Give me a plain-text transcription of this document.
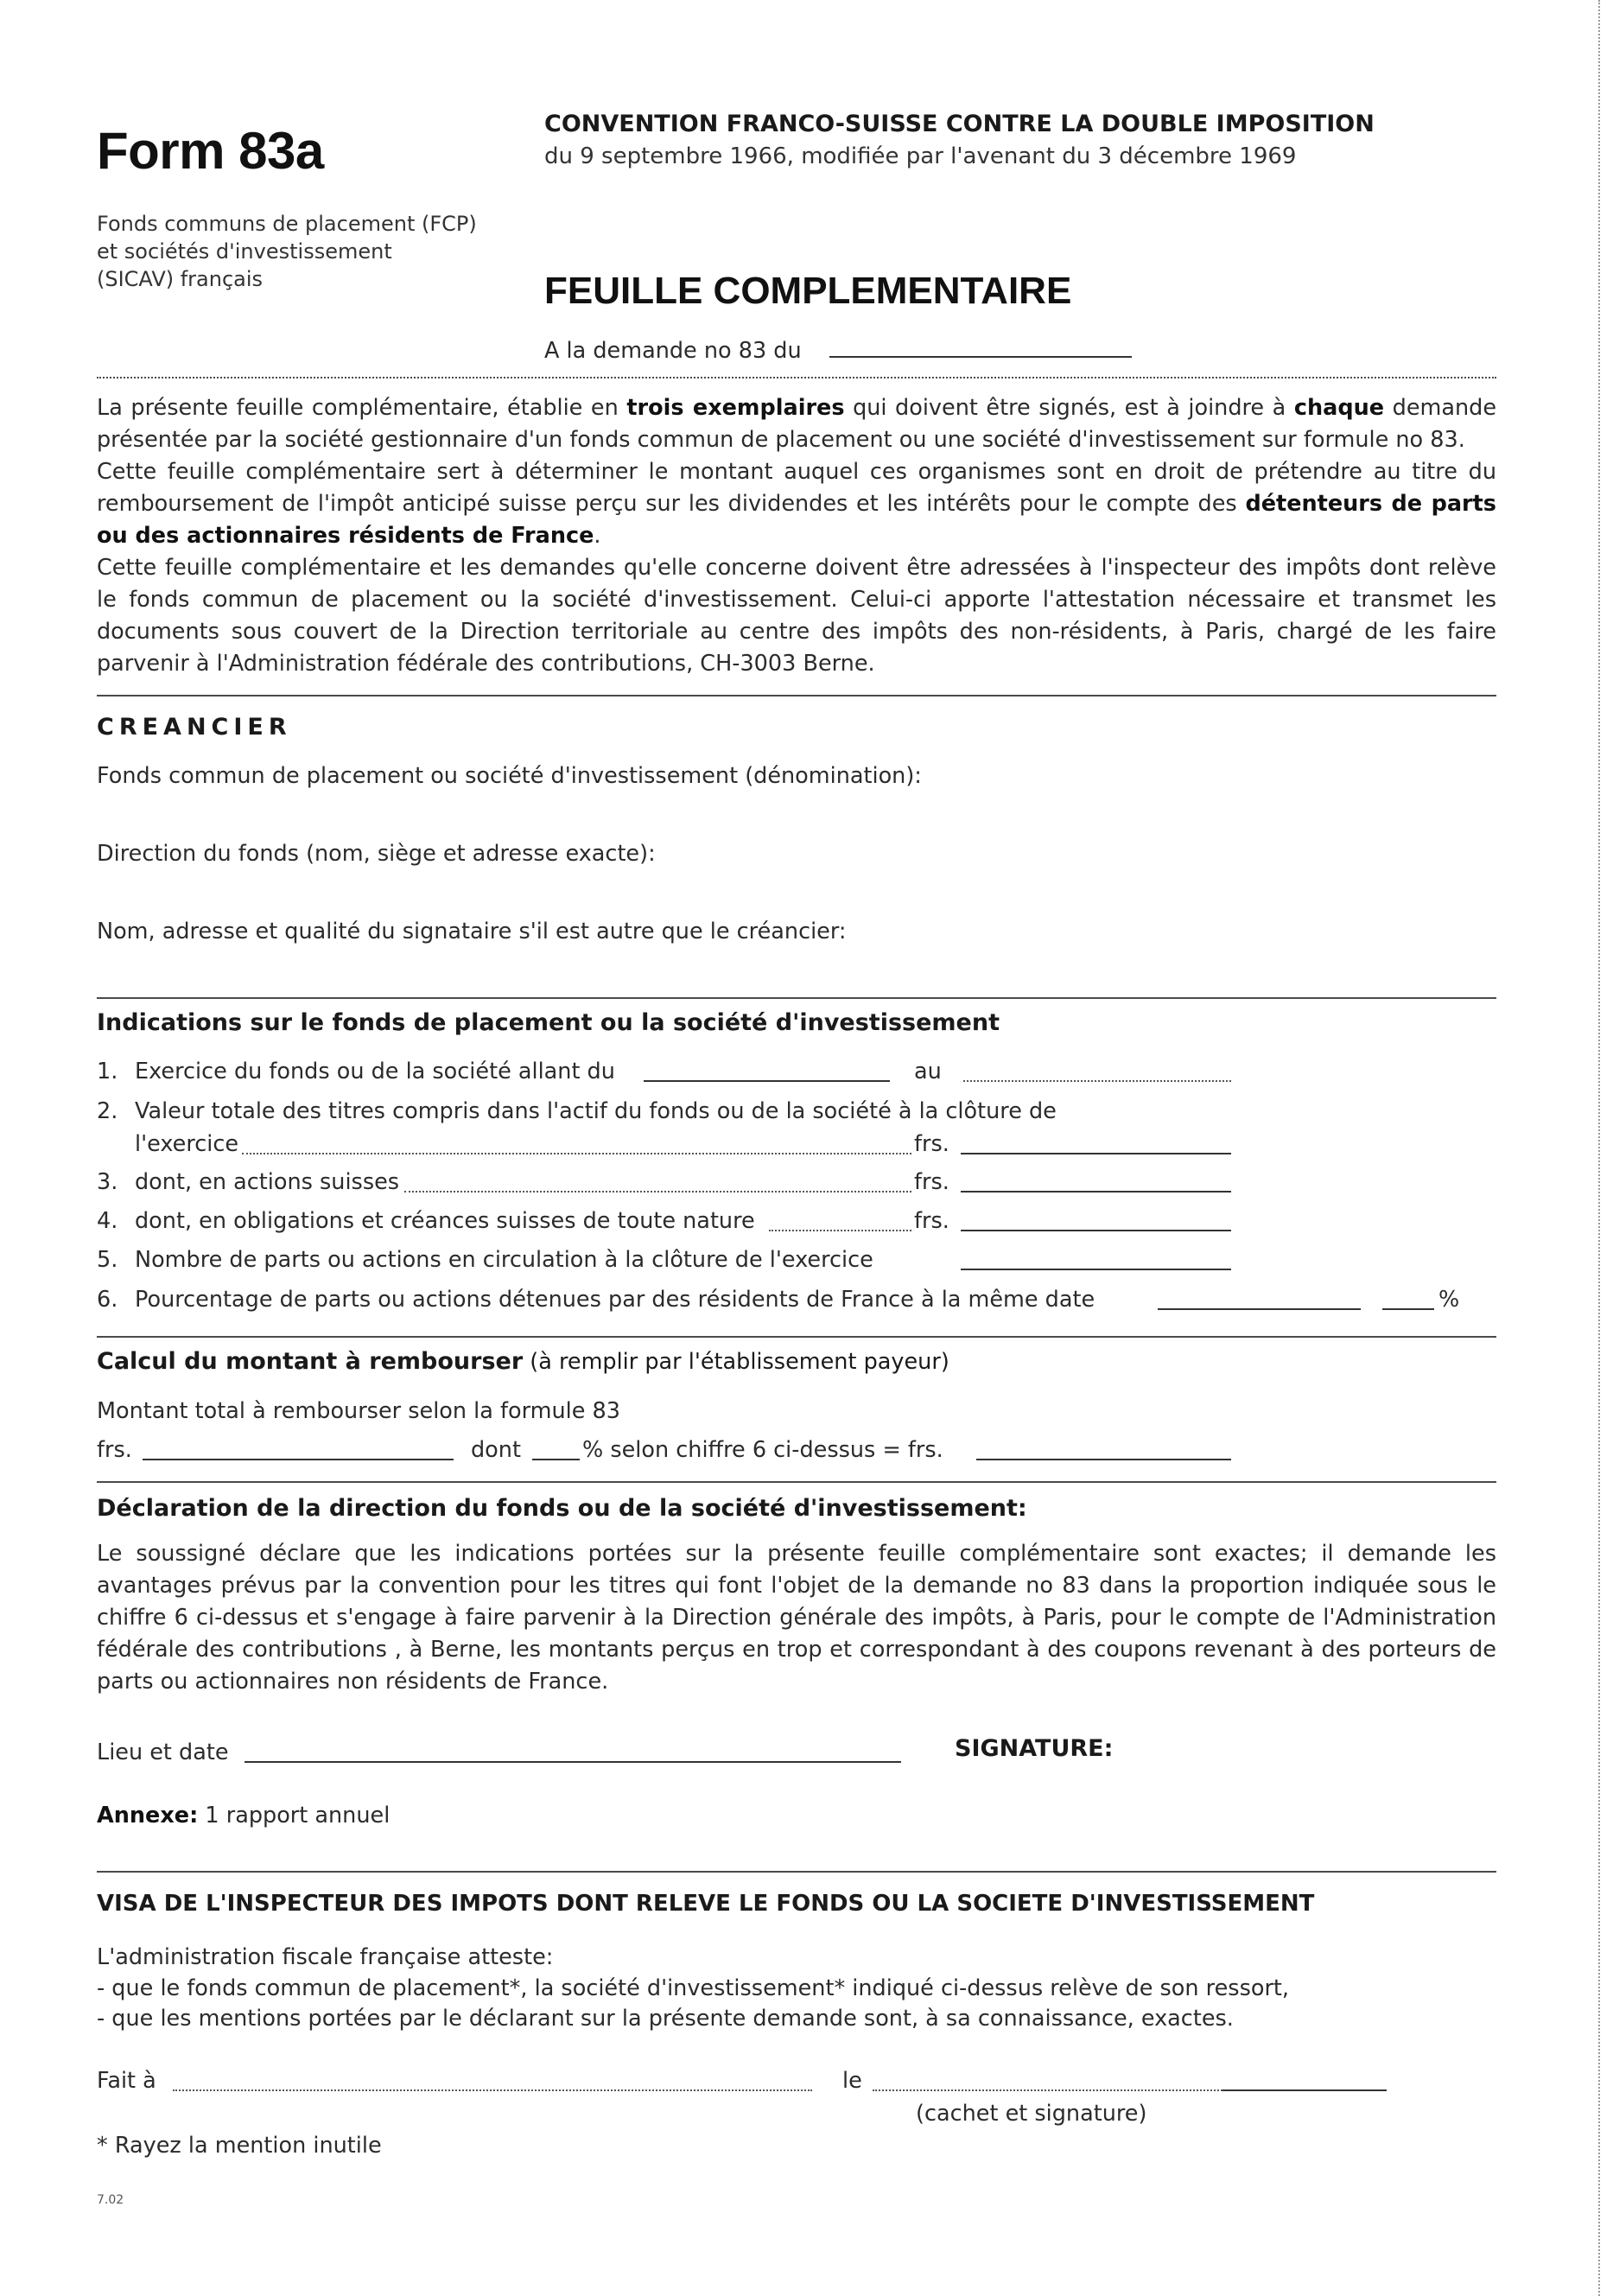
Form 83a
Fonds communs de placement (FCP)
et sociétés d'investissement
(SICAV) français
CONVENTION FRANCO-SUISSE CONTRE LA DOUBLE IMPOSITION
du 9 septembre 1966, modifiée par l'avenant du 3 décembre 1969
FEUILLE COMPLEMENTAIRE
A la demande no 83 du
La présente feuille complémentaire, établie en trois exemplaires qui doivent être signés, est à joindre à chaque demande présentée par la société gestionnaire d'un fonds commun de placement ou une société d'investissement sur formule no 83.
Cette feuille complémentaire sert à déterminer le montant auquel ces organismes sont en droit de prétendre au titre du remboursement de l'impôt anticipé suisse perçu sur les dividendes et les intérêts pour le compte des détenteurs de parts ou des actionnaires résidents de France.
Cette feuille complémentaire et les demandes qu'elle concerne doivent être adressées à l'inspecteur des impôts dont relève le fonds commun de placement ou la société d'investissement. Celui-ci apporte l'attestation nécessaire et transmet les documents sous couvert de la Direction territoriale au centre des impôts des non-résidents, à Paris, chargé de les faire parvenir à l'Administration fédérale des contributions, CH-3003 Berne.
CREANCIER
Fonds commun de placement ou société d'investissement (dénomination):
Direction du fonds (nom, siège et adresse exacte):
Nom, adresse et qualité du signataire s'il est autre que le créancier:
Indications sur le fonds de placement ou la société d'investissement
1. Exercice du fonds ou de la société allant du	au
2. Valeur totale des titres compris dans l'actif du fonds ou de la société à la clôture de
l'exercice	frs.
3. dont, en actions suisses	frs.
4. dont, en obligations et créances suisses de toute nature	frs.
5. Nombre de parts ou actions en circulation à la clôture de l'exercice
6. Pourcentage de parts ou actions détenues par des résidents de France à la même date	%
Calcul du montant à rembourser (à remplir par l'établissement payeur)
Montant total à rembourser selon la formule 83
frs.	dont	% selon chiffre 6 ci-dessus = frs.
Déclaration de la direction du fonds ou de la société d'investissement:
Le soussigné déclare que les indications portées sur la présente feuille complémentaire sont exactes; il demande les avantages prévus par la convention pour les titres qui font l'objet de la demande no 83 dans la proportion indiquée sous le chiffre 6 ci-dessus et s'engage à faire parvenir à la Direction générale des impôts, à Paris, pour le compte de l'Administration fédérale des contributions , à Berne, les montants perçus en trop et correspondant à des coupons revenant à des porteurs de parts ou actionnaires non résidents de France.
Lieu et date	SIGNATURE:
Annexe: 1 rapport annuel
VISA DE L'INSPECTEUR DES IMPOTS DONT RELEVE LE FONDS OU LA SOCIETE D'INVESTISSEMENT
L'administration fiscale française atteste:
- que le fonds commun de placement*, la société d'investissement* indiqué ci-dessus relève de son ressort,
- que les mentions portées par le déclarant sur la présente demande sont, à sa connaissance, exactes.
Fait à	le
(cachet et signature)
* Rayez la mention inutile
7.02
